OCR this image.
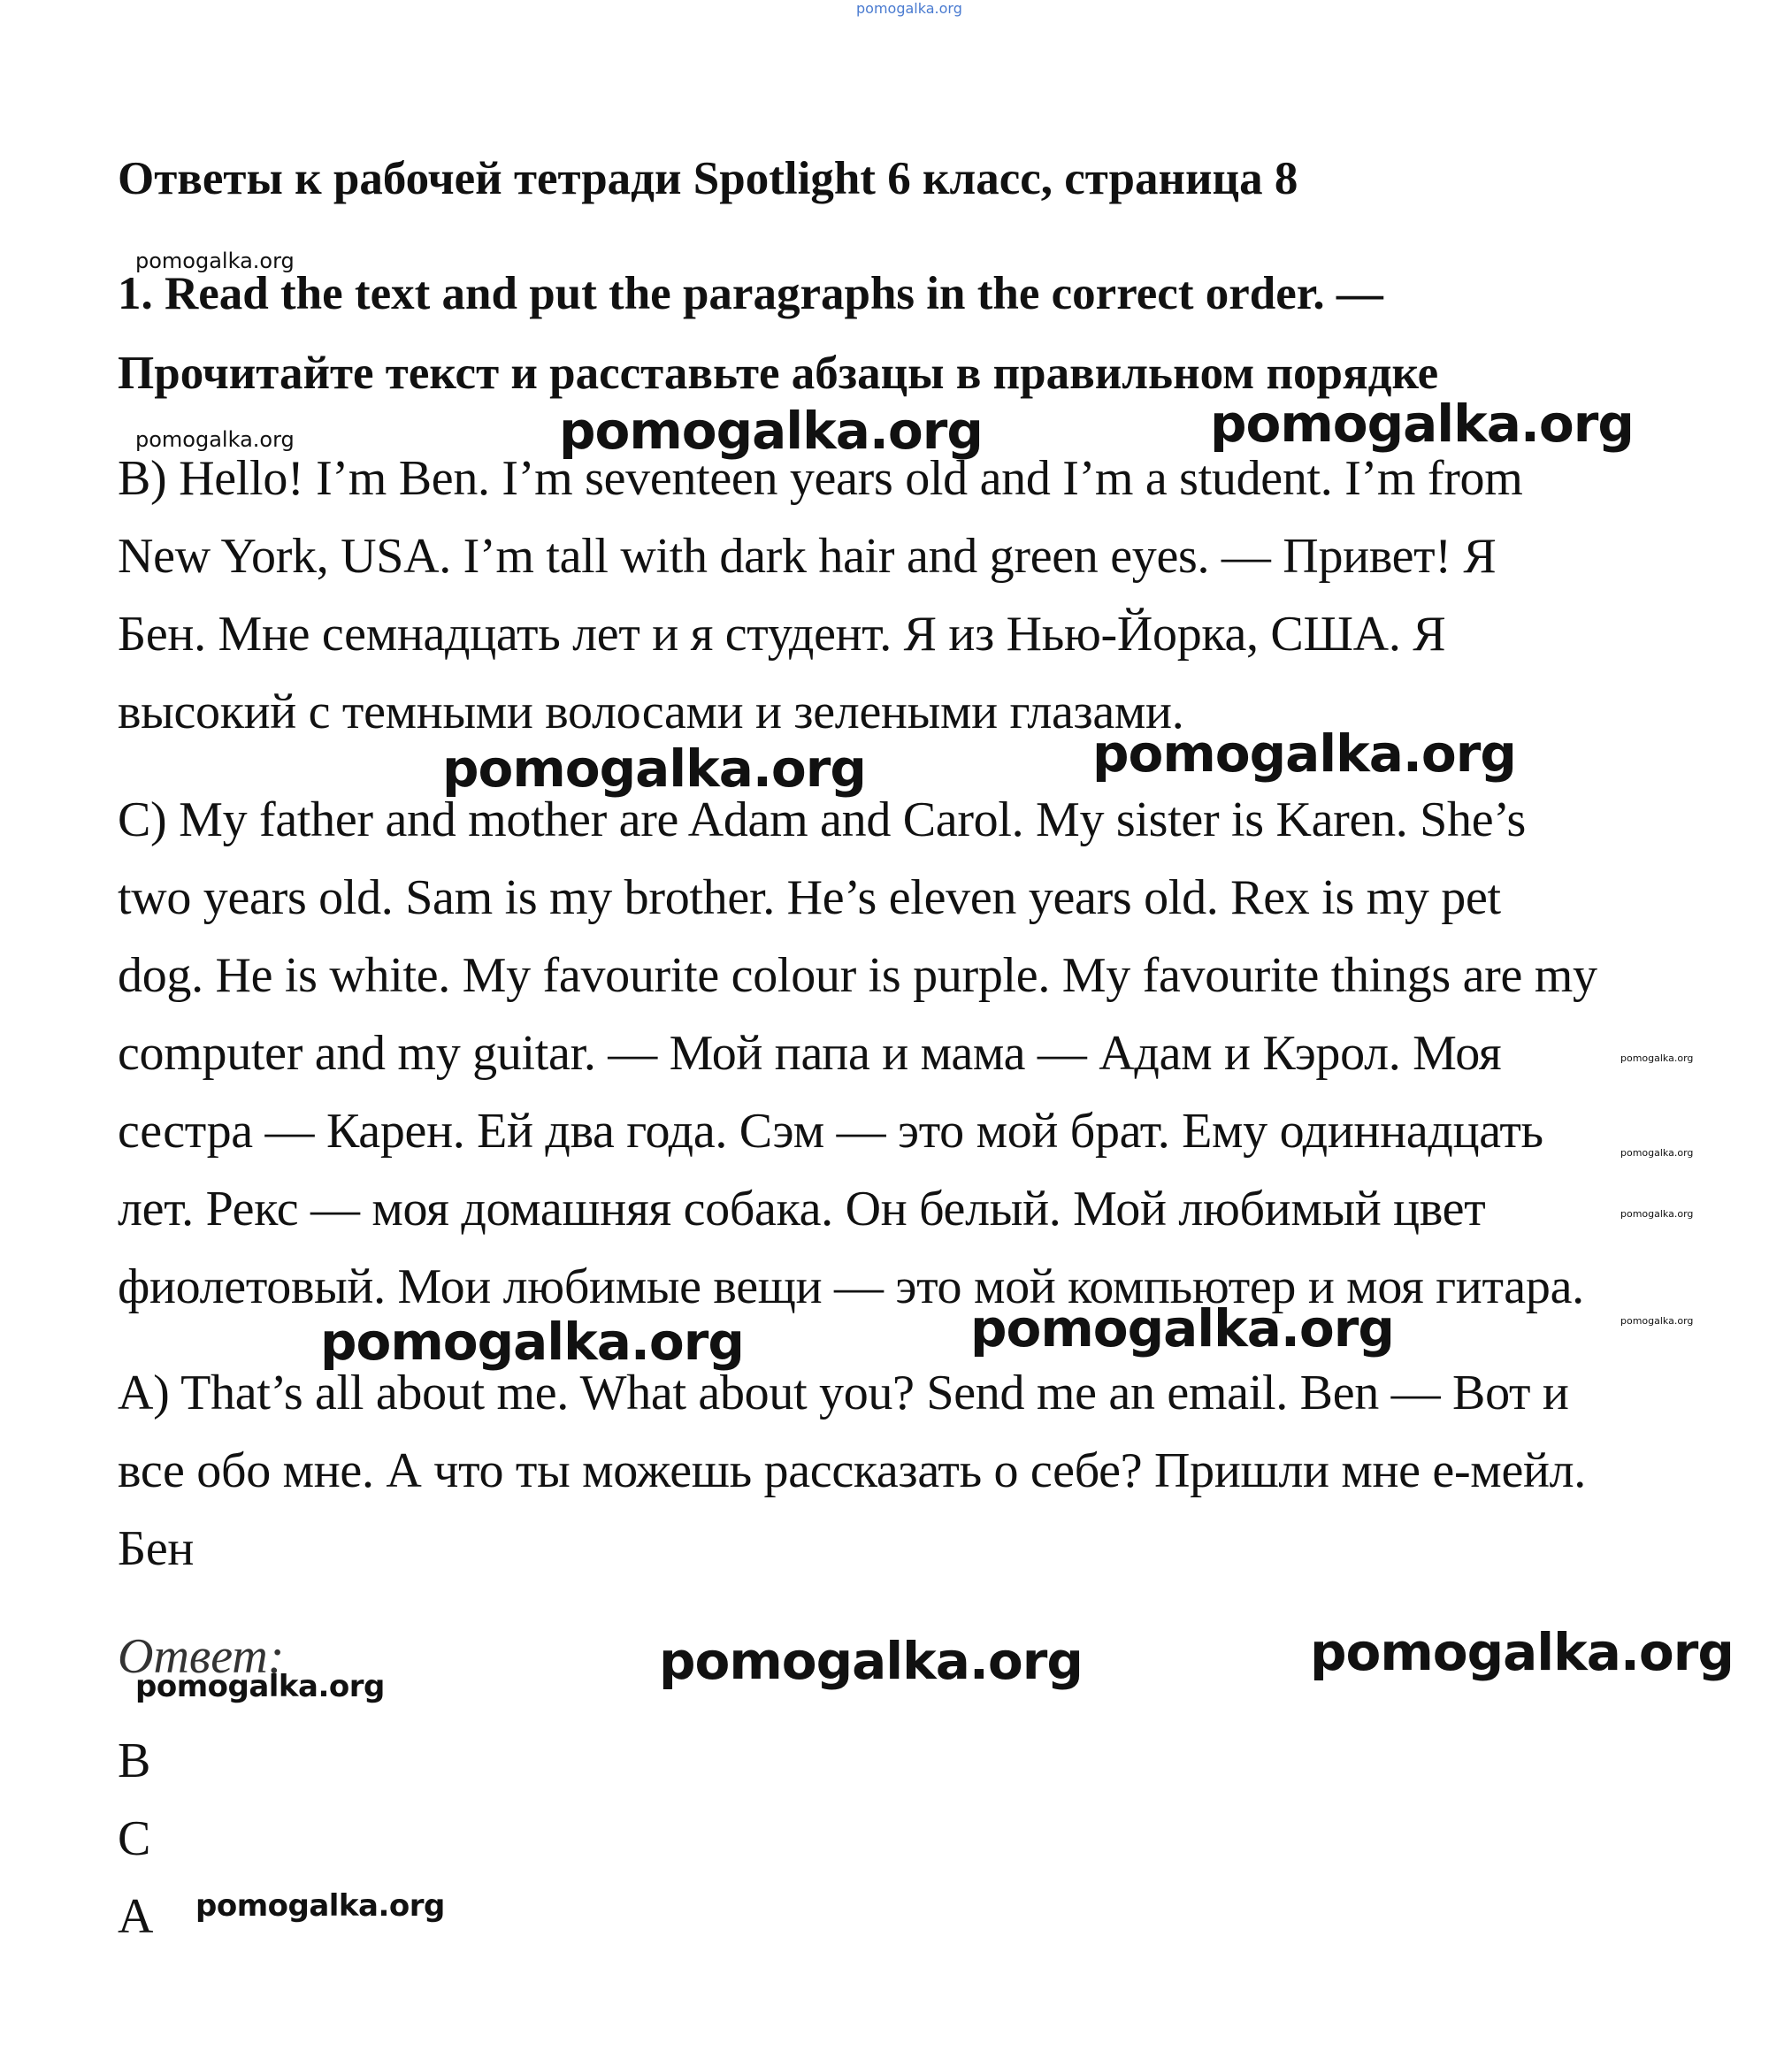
pomogalka.org
Ответы к рабочей тетради Spotlight 6 класс, страница 8
1. Read the text and put the paragraphs in the correct order. —
Прочитайте текст и расставьте абзацы в правильном порядке
B) Hello! I’m Ben. I’m seventeen years old and I’m a student. I’m from
New York, USA. I’m tall with dark hair and green eyes. — Привет! Я
Бен. Мне семнадцать лет и я студент. Я из Нью-Йорка, США. Я
высокий с темными волосами и зелеными глазами.
C) My father and mother are Adam and Carol. My sister is Karen. She’s
two years old. Sam is my brother. He’s eleven years old. Rex is my pet
dog. He is white. My favourite colour is purple. My favourite things are my
computer and my guitar. — Мой папа и мама — Адам и Кэрол. Моя
сестра — Карен. Ей два года. Сэм — это мой брат. Ему одиннадцать
лет. Рекс — моя домашняя собака. Он белый. Мой любимый цвет
фиолетовый. Мои любимые вещи — это мой компьютер и моя гитара.
A) That’s all about me. What about you? Send me an email. Ben — Вот и
все обо мне. А что ты можешь рассказать о себе? Пришли мне е-мейл.
Бен
Ответ:
B
C
A
pomogalka.org
pomogalka.org	pomogalka.org	pomogalka.org
pomogalka.org	pomogalka.org
pomogalka.org
pomogalka.org
pomogalka.org
pomogalka.org
pomogalka.org	pomogalka.org
pomogalka.org	pomogalka.org
pomogalka.org
pomogalka.org
